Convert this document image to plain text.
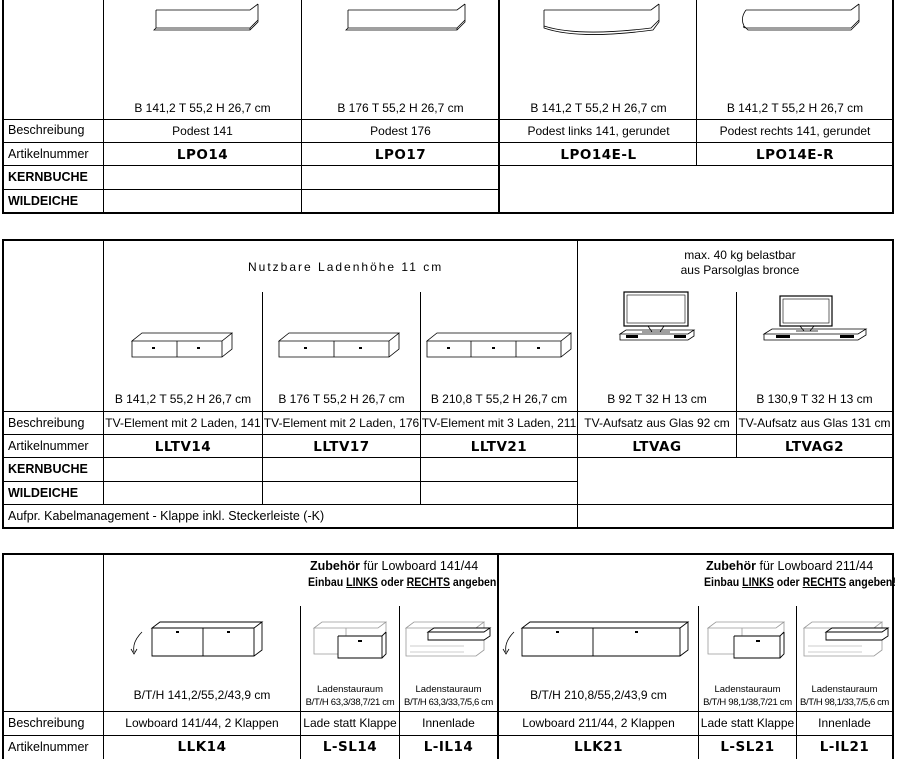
Beschreibung
Artikelnummer
KERNBUCHE
WILDEICHE
B 141,2 T 55,2 H 26,7 cm
Podest 141
LPO14
B 176 T 55,2 H 26,7 cm
Podest 176
LPO17
B 141,2 T 55,2 H 26,7 cm
Podest links 141, gerundet
LPO14E-L
B 141,2 T 55,2 H 26,7 cm
Podest rechts 141, gerundet
LPO14E-R
Nutzbare Ladenhöhe 11 cm
max. 40 kg belastbar
aus Parsolglas bronce
Beschreibung
Artikelnummer
KERNBUCHE
WILDEICHE
B 141,2 T 55,2 H 26,7 cm
TV-Element mit 2 Laden, 141
LLTV14
B 176 T 55,2 H 26,7 cm
TV-Element mit 2 Laden, 176
LLTV17
B 210,8 T 55,2 H 26,7 cm
TV-Element mit 3 Laden, 211
LLTV21
B 92 T 32 H 13 cm
TV-Aufsatz aus Glas 92 cm
LTVAG
B 130,9 T 32 H 13 cm
TV-Aufsatz aus Glas 131 cm
LTVAG2
Aufpr. Kabelmanagement - Klappe inkl. Steckerleiste (-K)
Zubehör für Lowboard 141/44
Einbau LINKS oder RECHTS angeben!
Zubehör für Lowboard 211/44
Einbau LINKS oder RECHTS angeben!
Beschreibung
Artikelnummer
B/T/H 141,2/55,2/43,9 cm
Lowboard 141/44, 2 Klappen
LLK14
Ladenstauraum
B/T/H 63,3/38,7/21 cm
Lade statt Klappe
L-SL14
Ladenstauraum
B/T/H 63,3/33,7/5,6 cm
Innenlade
L-IL14
B/T/H 210,8/55,2/43,9 cm
Lowboard 211/44, 2 Klappen
LLK21
Ladenstauraum
B/T/H 98,1/38,7/21 cm
Lade statt Klappe
L-SL21
Ladenstauraum
B/T/H 98,1/33,7/5,6 cm
Innenlade
L-IL21
